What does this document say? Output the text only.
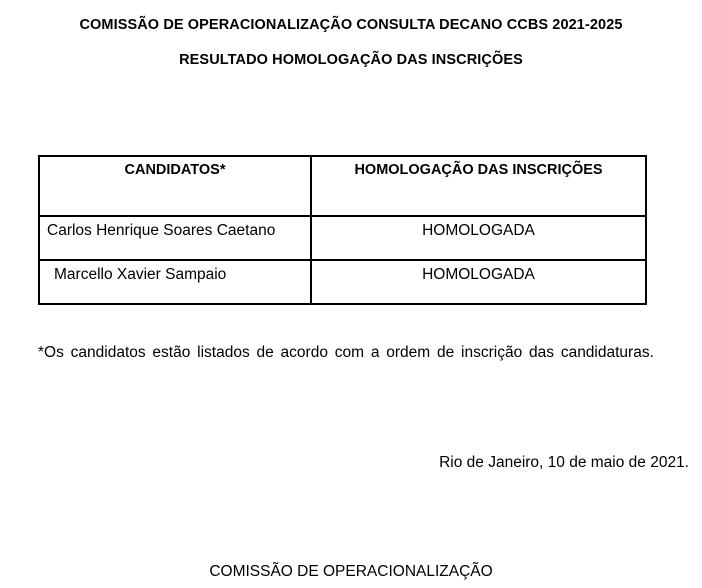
COMISSÃO DE OPERACIONALIZAÇÃO CONSULTA DECANO CCBS 2021-2025
RESULTADO HOMOLOGAÇÃO DAS INSCRIÇÕES
CANDIDATOS*	HOMOLOGAÇÃO DAS INSCRIÇÕES
Carlos Henrique Soares Caetano	HOMOLOGADA
Marcello Xavier Sampaio	HOMOLOGADA
*Os candidatos estão listados de acordo com a ordem de inscrição das candidaturas.
Rio de Janeiro, 10 de maio de 2021.
COMISSÃO DE OPERACIONALIZAÇÃO
